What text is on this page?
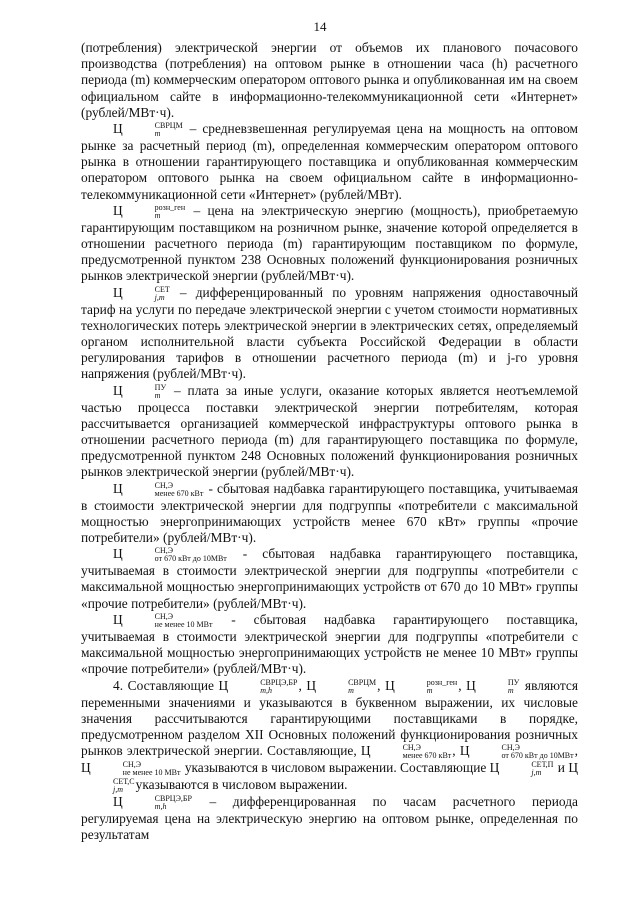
14

(потребления) электрической энергии от объемов их планового почасового производства (потребления) на оптовом рынке в отношении часа (h) расчетного периода (m) коммерческим оператором оптового рынка и опубликованная им на своем официальном сайте в информационно-телекоммуникационной сети «Интернет» (рублей/МВт·ч).

Ц	СВРЦМ
m	– средневзвешенная регулируемая цена на мощность на оптовом рынке за расчетный период (m), определенная коммерческим оператором оптового рынка в отношении гарантирующего поставщика и опубликованная коммерческим оператором оптового рынка на своем официальном сайте в информационно-телекоммуникационной сети «Интернет» (рублей/МВт).

Ц	розн_ген
m	– цена на электрическую энергию (мощность), приобретаемую гарантирующим поставщиком на розничном рынке, значение которой определяется в отношении расчетного периода (m) гарантирующим поставщиком по формуле, предусмотренной пунктом 238 Основных положений функционирования розничных рынков электрической энергии (рублей/МВт·ч).

Ц	СЕТ
j,m – дифференцированный по уровням напряжения одноставочный тариф на услуги по передаче электрической энергии с учетом стоимости нормативных технологических потерь электрической энергии в электрических сетях, определяемый органом исполнительной власти субъекта Российской Федерации в области регулирования тарифов в отношении расчетного периода (m) и j-го уровня напряжения (рублей/МВт·ч).

Ц	ПУ
m – плата за иные услуги, оказание которых является неотъемлемой частью процесса поставки электрической энергии потребителям, которая рассчитывается организацией коммерческой инфраструктуры оптового рынка в отношении расчетного периода (m) для гарантирующего поставщика по формуле, предусмотренной пунктом 248 Основных положений функционирования розничных рынков электрической энергии (рублей/МВт·ч).

Ц	СН,Э
менее 670 кВт - сбытовая надбавка гарантирующего поставщика, учитываемая в стоимости электрической энергии для подгруппы «потребители с максимальной мощностью энергопринимающих устройств менее 670 кВт» группы «прочие потребители» (рублей/МВт·ч).

Ц	СН,Э
от 670 кВт до 10МВт - сбытовая надбавка гарантирующего поставщика, учитываемая в стоимости электрической энергии для подгруппы «потребители с максимальной мощностью энергопринимающих устройств от 670 до 10 МВт» группы «прочие потребители» (рублей/МВт·ч).

Ц	СН,Э
не менее 10 МВт - сбытовая надбавка гарантирующего поставщика, учитываемая в стоимости электрической энергии для подгруппы «потребители с максимальной мощностью энергопринимающих устройств не менее 10 МВт» группы «прочие потребители» (рублей/МВт·ч).

4. Составляющие Ц	СВРЦЭ,БР
m,h	, Ц	СВРЦМ
m	, Ц	розн_ген
m	, Ц	ПУ
m являются переменными значениями и указываются в буквенном выражении, их числовые значения рассчитываются гарантирующими поставщиками в порядке, предусмотренном разделом XII Основных положений функционирования розничных рынков электрической энергии. Составляющие, Ц	СН,Э
менее 670 кВт , Ц	СН,Э
от 670 кВт до 10МВт , Ц	СН,Э
не менее 10 МВт указываются в числовом выражении. Составляющие Ц	СЕТ,П
j,m и Ц
СЕТ,С
j,m указываются в числовом выражении.

Ц	СВРЦЭ,БР
m,h	– дифференцированная по часам расчетного периода регулируемая цена на электрическую энергию на оптовом рынке, определенная по результатам
